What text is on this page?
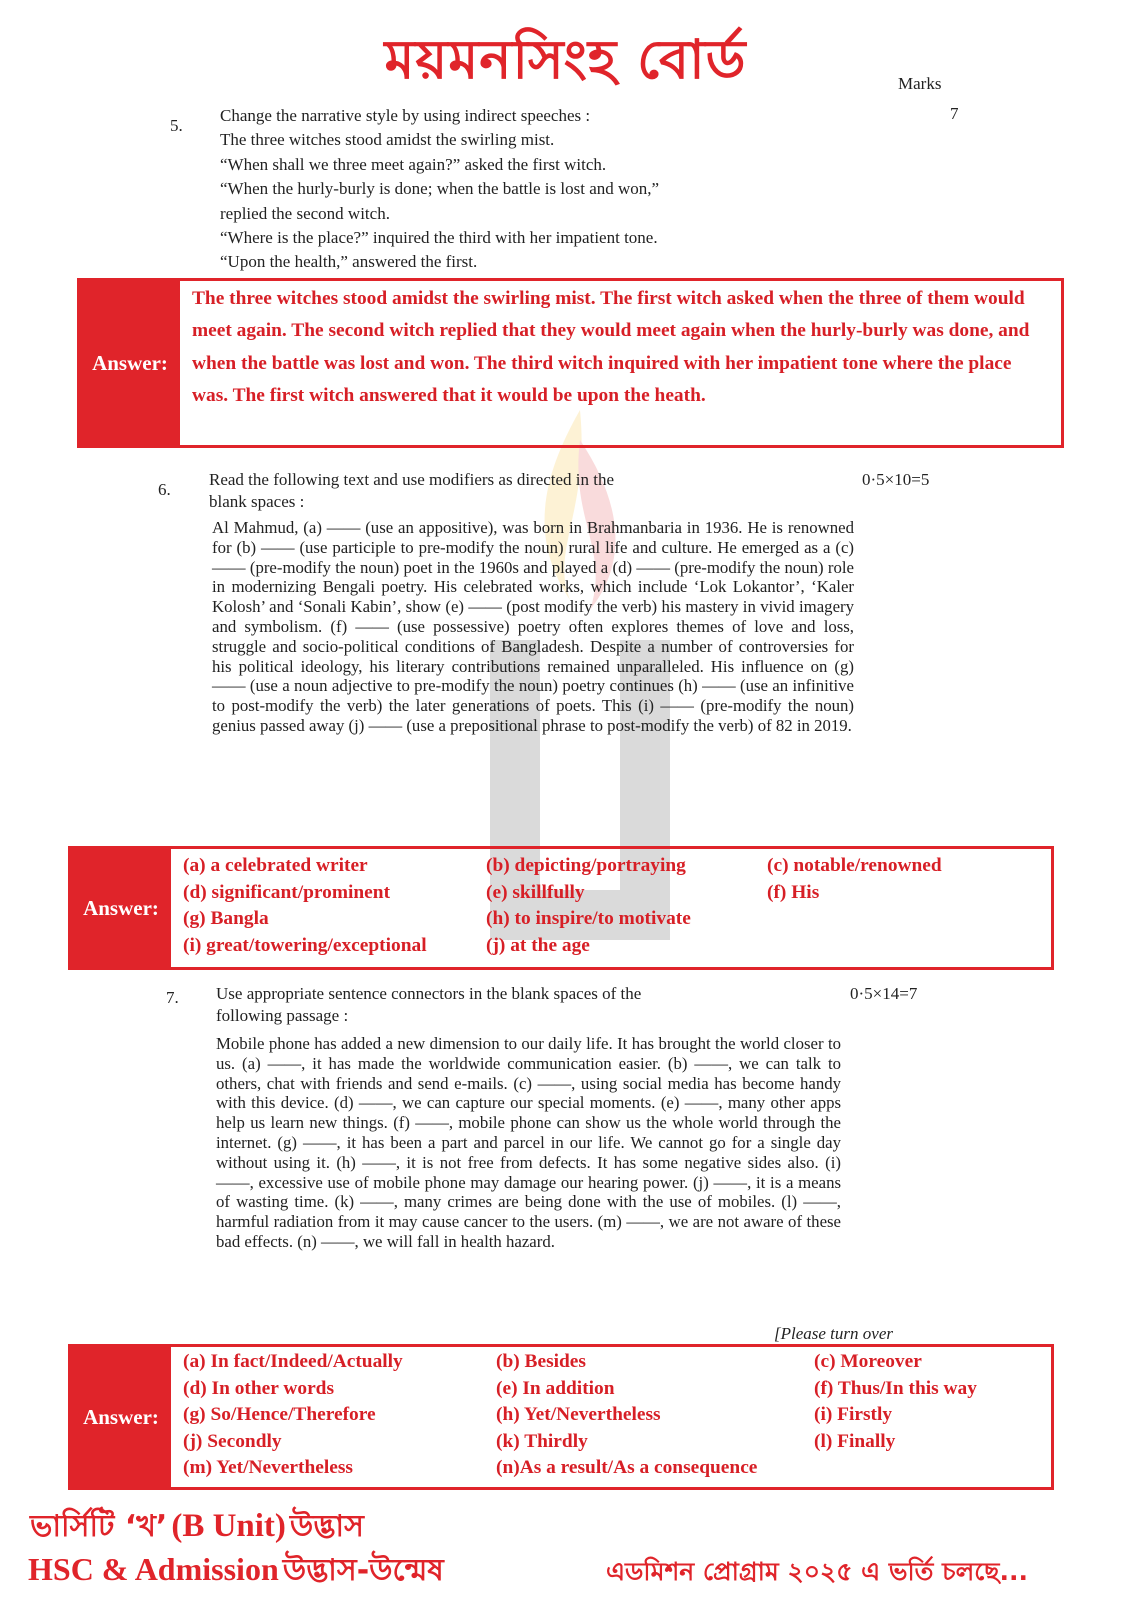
ময়মনসিংহ বোর্ড	Marks
5.
7
Change the narrative style by using indirect speeches :
The three witches stood amidst the swirling mist.
“When shall we three meet again?” asked the first witch.
“When the hurly-burly is done; when the battle is lost and won,”
replied the second witch.
“Where is the place?” inquired the third with her impatient tone.
“Upon the health,” answered the first.
Answer:
The three witches stood amidst the swirling mist. The first witch asked when the three of them would meet again. The second witch replied that they would meet again when the hurly-burly was done, and when the battle was lost and won. The third witch inquired with her impatient tone where the place was. The first witch answered that it would be upon the heath.
6.
0·5×10=5
Read the following text and use modifiers as directed in the
blank spaces :
Al Mahmud, (a) —— (use an appositive), was born in Brahmanbaria in 1936. He is renowned for (b) —— (use participle to pre-modify the noun) rural life and culture. He emerged as a (c) —— (pre-modify the noun) poet in the 1960s and played a (d) —— (pre-modify the noun) role in modernizing Bengali poetry. His celebrated works, which include ‘Lok Lokantor’, ‘Kaler Kolosh’ and ‘Sonali Kabin’, show (e) —— (post modify the verb) his mastery in vivid imagery and symbolism. (f) —— (use possessive) poetry often explores themes of love and loss, struggle and socio-political conditions of Bangladesh. Despite a number of controversies for his political ideology, his literary contributions remained unparalleled. His influence on (g) —— (use a noun adjective to pre-modify the noun) poetry continues (h) —— (use an infinitive to post-modify the verb) the later generations of poets. This (i) —— (pre-modify the noun) genius passed away (j) —— (use a prepositional phrase to post-modify the verb) of 82 in 2019.
Answer:
(a) a celebrated writer	(b) depicting/portraying	(c) notable/renowned
(d) significant/prominent	(e) skillfully	(f) His
(g) Bangla	(h) to inspire/to motivate
(i) great/towering/exceptional	(j) at the age
7.	0·5×14=7
Use appropriate sentence connectors in the blank spaces of the
following passage :
Mobile phone has added a new dimension to our daily life. It has brought the world closer to us. (a) ——, it has made the worldwide communication easier. (b) ——, we can talk to others, chat with friends and send e-mails. (c) ——, using social media has become handy with this device. (d) ——, we can capture our special moments. (e) ——, many other apps help us learn new things. (f) ——, mobile phone can show us the whole world through the internet. (g) ——, it has been a part and parcel in our life. We cannot go for a single day without using it. (h) ——, it is not free from defects. It has some negative sides also. (i) ——, excessive use of mobile phone may damage our hearing power. (j) ——, it is a means of wasting time. (k) ——, many crimes are being done with the use of mobiles. (l) ——, harmful radiation from it may cause cancer to the users. (m) ——, we are not aware of these bad effects. (n) ——, we will fall in health hazard.
[Please turn over
Answer:
(a) In fact/Indeed/Actually	(b) Besides	(c) Moreover
(d) In other words	(e) In addition	(f) Thus/In this way
(g) So/Hence/Therefore	(h) Yet/Nevertheless	(i) Firstly
(j) Secondly	(k) Thirdly	(l) Finally
(m) Yet/Nevertheless	(n)As a result/As a consequence
ভার্সিটি ‘খ’ (B Unit) উদ্ভাস
HSC & Admission উদ্ভাস-উন্মেষ	এডমিশন প্রোগ্রাম ২০২৫ এ ভর্তি চলছে...
